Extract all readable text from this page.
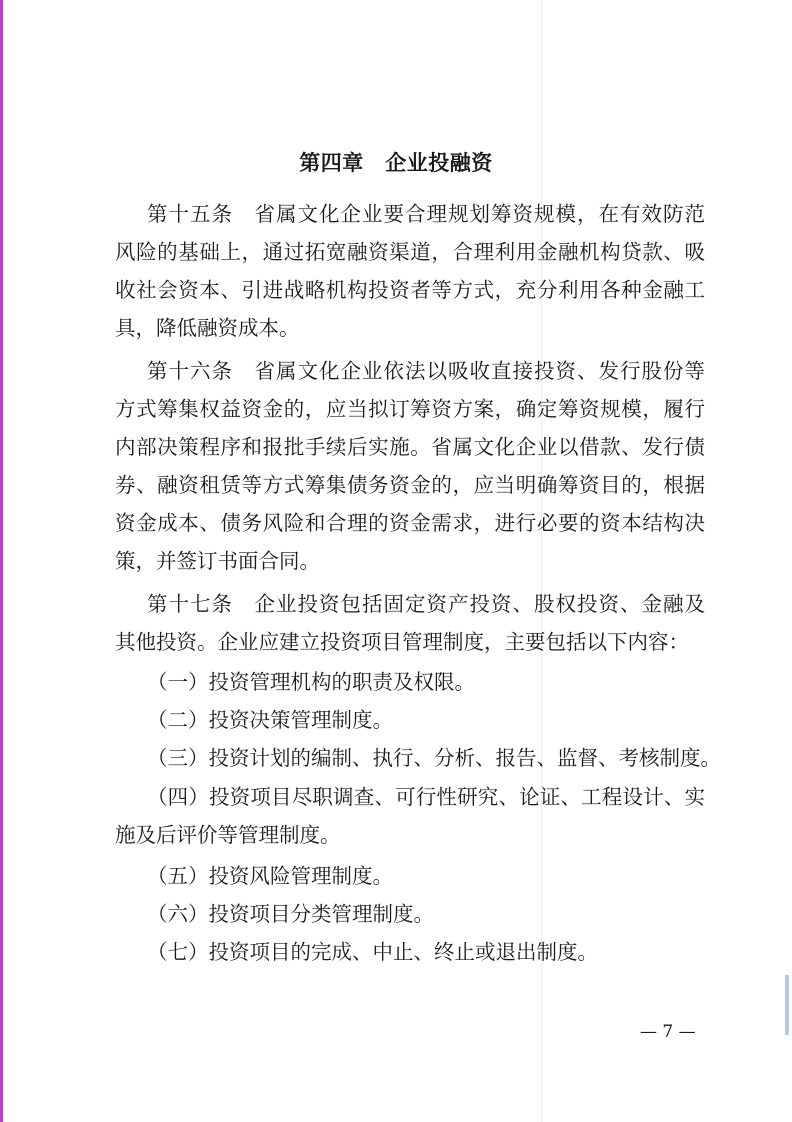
第四章　企业投融资
第十五条　省属文化企业要合理规划筹资规模，在有效防范
风险的基础上，通过拓宽融资渠道，合理利用金融机构贷款、吸
收社会资本、引进战略机构投资者等方式，充分利用各种金融工
具，降低融资成本。
第十六条　省属文化企业依法以吸收直接投资、发行股份等
方式筹集权益资金的，应当拟订筹资方案，确定筹资规模，履行
内部决策程序和报批手续后实施。省属文化企业以借款、发行债
券、融资租赁等方式筹集债务资金的，应当明确筹资目的，根据
资金成本、债务风险和合理的资金需求，进行必要的资本结构决
策，并签订书面合同。
第十七条　企业投资包括固定资产投资、股权投资、金融及
其他投资。企业应建立投资项目管理制度，主要包括以下内容：
（一）投资管理机构的职责及权限。
（二）投资决策管理制度。
（三）投资计划的编制、执行、分析、报告、监督、考核制度。
（四）投资项目尽职调查、可行性研究、论证、工程设计、实
施及后评价等管理制度。
（五）投资风险管理制度。
（六）投资项目分类管理制度。
（七）投资项目的完成、中止、终止或退出制度。
— 7 —
